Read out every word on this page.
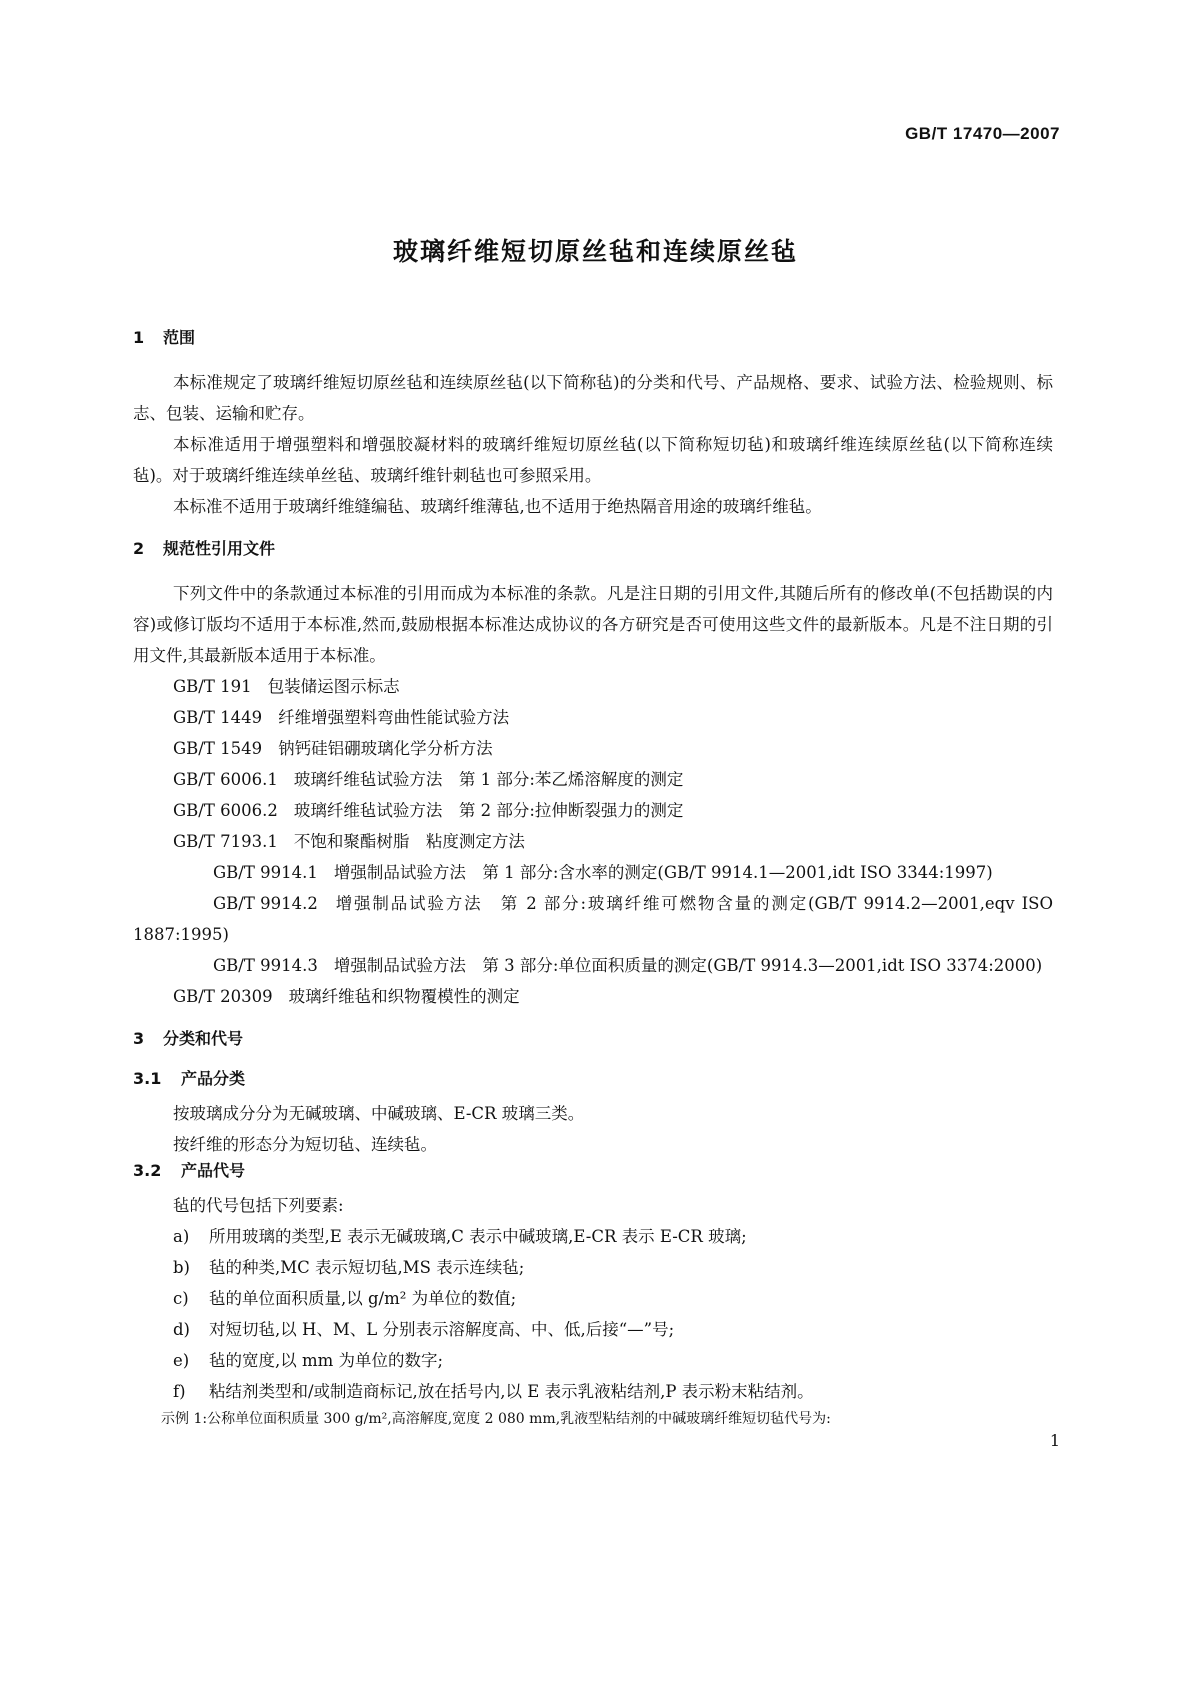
GB/T 17470—2007
玻璃纤维短切原丝毡和连续原丝毡
1 范围

本标准规定了玻璃纤维短切原丝毡和连续原丝毡(以下简称毡)的分类和代号、产品规格、要求、试验方法、检验规则、标志、包装、运输和贮存。

本标准适用于增强塑料和增强胶凝材料的玻璃纤维短切原丝毡(以下简称短切毡)和玻璃纤维连续原丝毡(以下简称连续毡)。对于玻璃纤维连续单丝毡、玻璃纤维针刺毡也可参照采用。

本标准不适用于玻璃纤维缝编毡、玻璃纤维薄毡,也不适用于绝热隔音用途的玻璃纤维毡。

2 规范性引用文件

下列文件中的条款通过本标准的引用而成为本标准的条款。凡是注日期的引用文件,其随后所有的修改单(不包括勘误的内容)或修订版均不适用于本标准,然而,鼓励根据本标准达成协议的各方研究是否可使用这些文件的最新版本。凡是不注日期的引用文件,其最新版本适用于本标准。

GB/T 191 包装储运图示标志

GB/T 1449 纤维增强塑料弯曲性能试验方法

GB/T 1549 钠钙硅铝硼玻璃化学分析方法

GB/T 6006.1 玻璃纤维毡试验方法　第 1 部分:苯乙烯溶解度的测定

GB/T 6006.2 玻璃纤维毡试验方法　第 2 部分:拉伸断裂强力的测定

GB/T 7193.1 不饱和聚酯树脂　粘度测定方法

GB/T 9914.1 增强制品试验方法　第 1 部分:含水率的测定(GB/T 9914.1—2001,idt ISO 3344:1997)

GB/T 9914.2 增强制品试验方法　第 2 部分:玻璃纤维可燃物含量的测定(GB/T 9914.2—2001,eqv ISO 1887:1995)

GB/T 9914.3 增强制品试验方法　第 3 部分:单位面积质量的测定(GB/T 9914.3—2001,idt ISO 3374:2000)

GB/T 20309 玻璃纤维毡和织物覆模性的测定

3 分类和代号
3.1 产品分类

按玻璃成分分为无碱玻璃、中碱玻璃、E-CR 玻璃三类。

按纤维的形态分为短切毡、连续毡。

3.2 产品代号

毡的代号包括下列要素:

a) 所用玻璃的类型,E 表示无碱玻璃,C 表示中碱玻璃,E-CR 表示 E-CR 玻璃;

b) 毡的种类,MC 表示短切毡,MS 表示连续毡;

c) 毡的单位面积质量,以 g/m² 为单位的数值;

d) 对短切毡,以 H、M、L 分别表示溶解度高、中、低,后接“—”号;

e) 毡的宽度,以 mm 为单位的数字;

f) 粘结剂类型和/或制造商标记,放在括号内,以 E 表示乳液粘结剂,P 表示粉末粘结剂。

示例 1:公称单位面积质量 300 g/m²,高溶解度,宽度 2 080 mm,乳液型粘结剂的中碱玻璃纤维短切毡代号为:

1
